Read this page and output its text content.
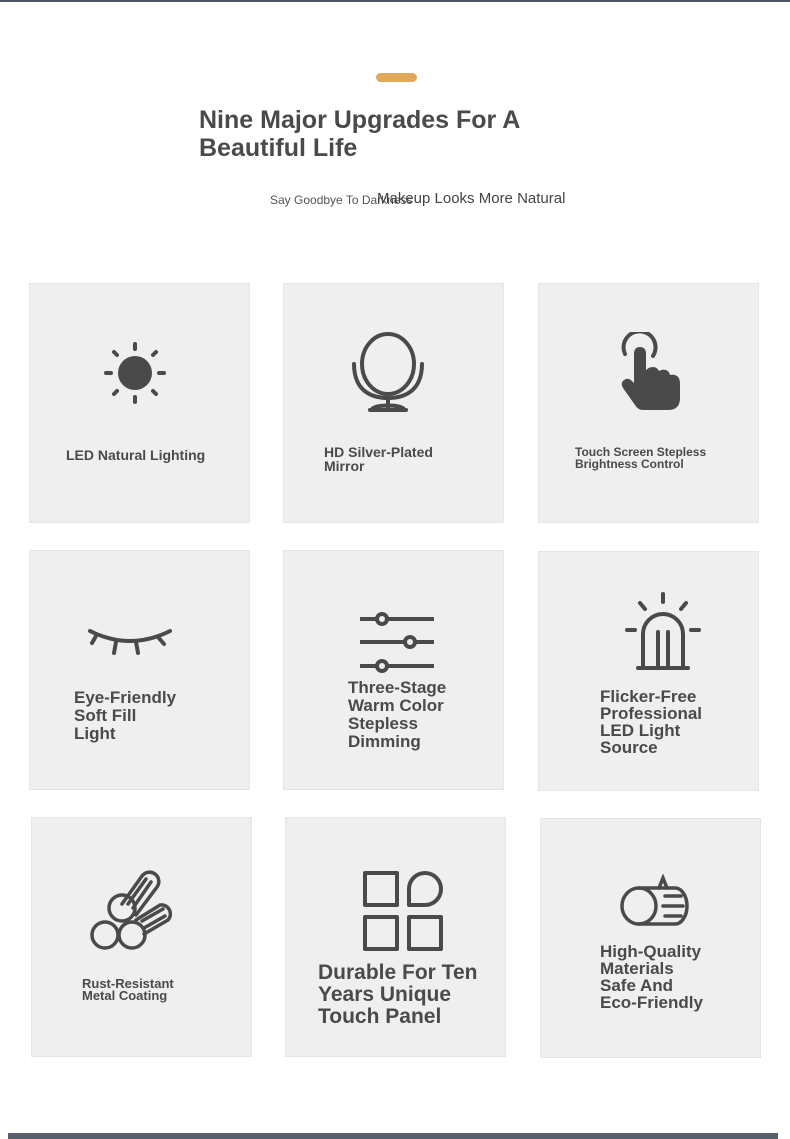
Nine Major Upgrades For A Beautiful Life
Say Goodbye To Darkness
Makeup Looks More Natural
LED Natural Lighting	HD Silver-Plated
Mirror
Touch Screen Stepless
Brightness Control
Eye-Friendly
Soft Fill
Light
Three-Stage
Warm Color
Stepless
Dimming
Flicker-Free
Professional
LED Light
Source
Rust-Resistant
Metal Coating
Durable For Ten
Years Unique
Touch Panel
High-Quality
Materials
Safe And
Eco-Friendly
